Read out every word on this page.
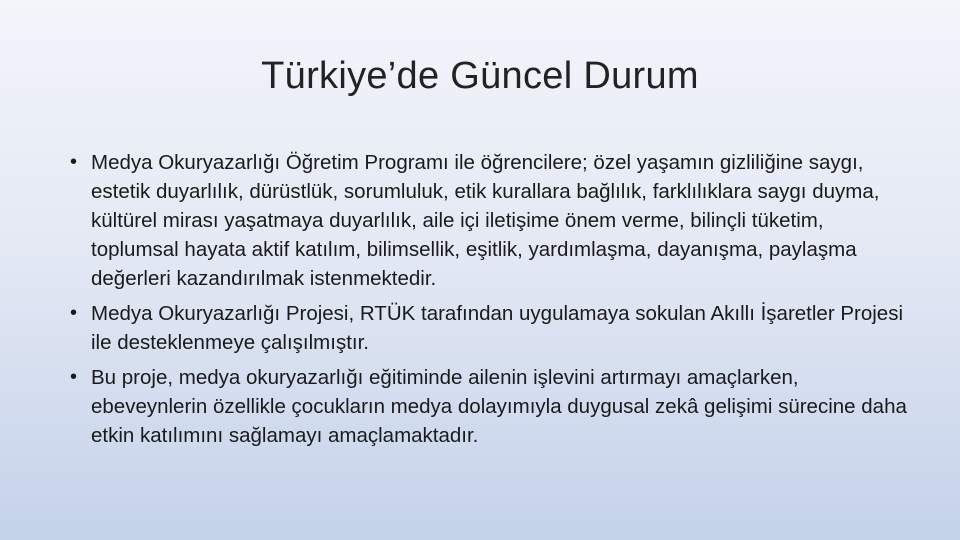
Türkiye’de Güncel Durum
• Medya Okuryazarlığı Öğretim Programı ile öğrencilere; özel yaşamın gizliliğine saygı, estetik duyarlılık, dürüstlük, sorumluluk, etik kurallara bağlılık, farklılıklara saygı duyma, kültürel mirası yaşatmaya duyarlılık, aile içi iletişime önem verme, bilinçli tüketim, toplumsal hayata aktif katılım, bilimsellik, eşitlik, yardımlaşma, dayanışma, paylaşma değerleri kazandırılmak istenmektedir.
• Medya Okuryazarlığı Projesi, RTÜK tarafından uygulamaya sokulan Akıllı İşaretler Projesi ile desteklenmeye çalışılmıştır.
• Bu proje, medya okuryazarlığı eğitiminde ailenin işlevini artırmayı amaçlarken, ebeveynlerin özellikle çocukların medya dolayımıyla duygusal zekâ gelişimi sürecine daha etkin katılımını sağlamayı amaçlamaktadır.
